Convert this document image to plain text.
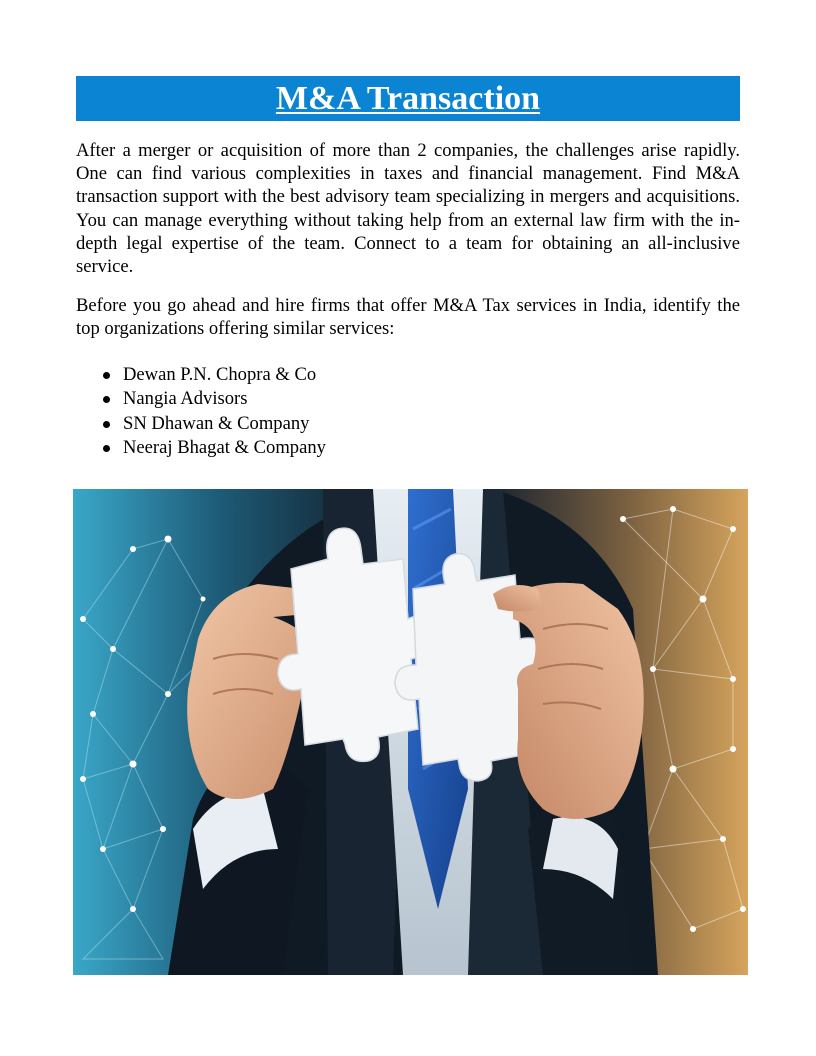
M&A Transaction

After a merger or acquisition of more than 2 companies, the challenges arise rapidly. One can find various complexities in taxes and financial management. Find M&A transaction support with the best advisory team specializing in mergers and acquisitions. You can manage everything without taking help from an external law firm with the in-depth legal expertise of the team. Connect to a team for obtaining an all-inclusive service.

Before you go ahead and hire firms that offer M&A Tax services in India, identify the top organizations offering similar services:

Dewan P.N. Chopra & Co
Nangia Advisors
SN Dhawan & Company
Neeraj Bhagat & Company
